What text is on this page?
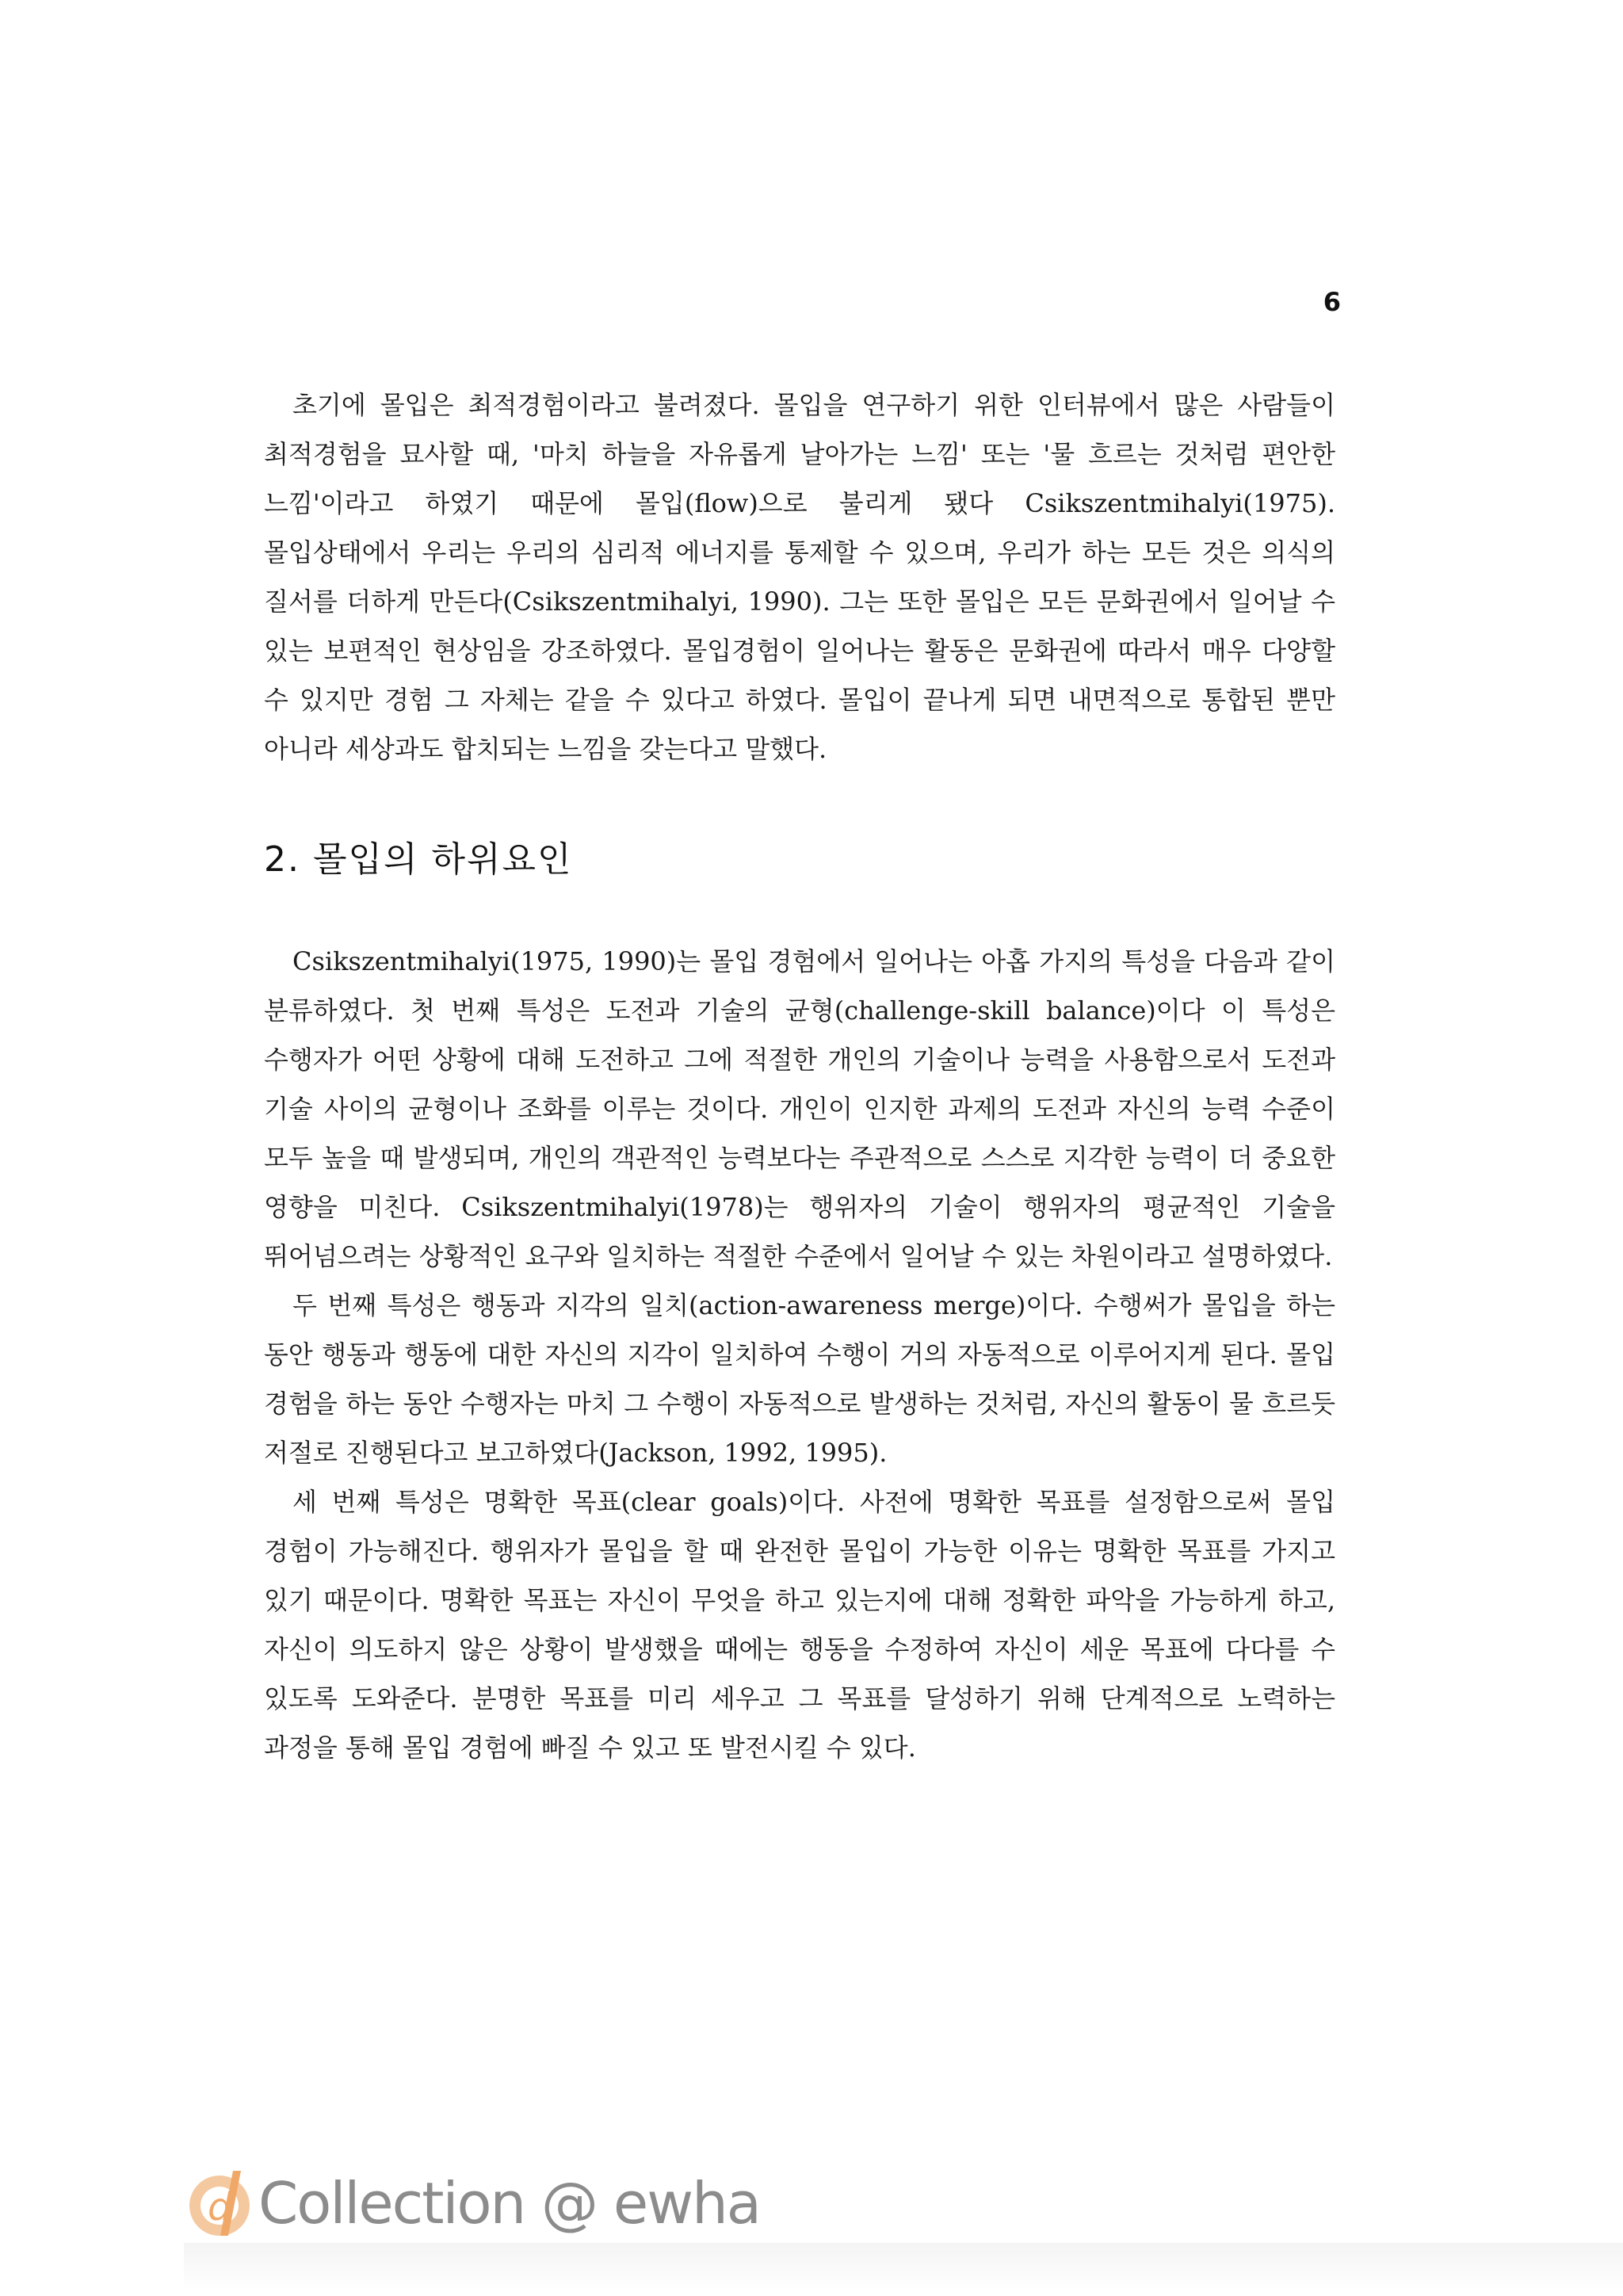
6

초기에 몰입은 최적경험이라고 불려졌다. 몰입을 연구하기 위한 인터뷰에서 많은 사람들이 최적경험을 묘사할 때, '마치 하늘을 자유롭게 날아가는 느낌' 또는 '물 흐르는 것처럼 편안한 느낌'이라고 하였기 때문에 몰입(flow)으로 불리게 됐다 Csikszentmihalyi(1975). 몰입상태에서 우리는 우리의 심리적 에너지를 통제할 수 있으며, 우리가 하는 모든 것은 의식의 질서를 더하게 만든다(Csikszentmihalyi, 1990). 그는 또한 몰입은 모든 문화권에서 일어날 수 있는 보편적인 현상임을 강조하였다. 몰입경험이 일어나는 활동은 문화권에 따라서 매우 다양할 수 있지만 경험 그 자체는 같을 수 있다고 하였다. 몰입이 끝나게 되면 내면적으로 통합된 뿐만 아니라 세상과도 합치되는 느낌을 갖는다고 말했다.

2. 몰입의 하위요인

Csikszentmihalyi(1975, 1990)는 몰입 경험에서 일어나는 아홉 가지의 특성을 다음과 같이 분류하였다. 첫 번째 특성은 도전과 기술의 균형(challenge-skill balance)이다 이 특성은 수행자가 어떤 상황에 대해 도전하고 그에 적절한 개인의 기술이나 능력을 사용함으로서 도전과 기술 사이의 균형이나 조화를 이루는 것이다. 개인이 인지한 과제의 도전과 자신의 능력 수준이 모두 높을 때 발생되며, 개인의 객관적인 능력보다는 주관적으로 스스로 지각한 능력이 더 중요한 영향을 미친다. Csikszentmihalyi(1978)는 행위자의 기술이 행위자의 평균적인 기술을 뛰어넘으려는 상황적인 요구와 일치하는 적절한 수준에서 일어날 수 있는 차원이라고 설명하였다.

두 번째 특성은 행동과 지각의 일치(action-awareness merge)이다. 수행써가 몰입을 하는 동안 행동과 행동에 대한 자신의 지각이 일치하여 수행이 거의 자동적으로 이루어지게 된다. 몰입 경험을 하는 동안 수행자는 마치 그 수행이 자동적으로 발생하는 것처럼, 자신의 활동이 물 흐르듯 저절로 진행된다고 보고하였다(Jackson, 1992, 1995).

세 번째 특성은 명확한 목표(clear goals)이다. 사전에 명확한 목표를 설정함으로써 몰입 경험이 가능해진다. 행위자가 몰입을 할 때 완전한 몰입이 가능한 이유는 명확한 목표를 가지고 있기 때문이다. 명확한 목표는 자신이 무엇을 하고 있는지에 대해 정확한 파악을 가능하게 하고, 자신이 의도하지 않은 상황이 발생했을 때에는 행동을 수정하여 자신이 세운 목표에 다다를 수 있도록 도와준다. 분명한 목표를 미리 세우고 그 목표를 달성하기 위해 단계적으로 노력하는 과정을 통해 몰입 경험에 빠질 수 있고 또 발전시킬 수 있다.

d Collection @ ewha
